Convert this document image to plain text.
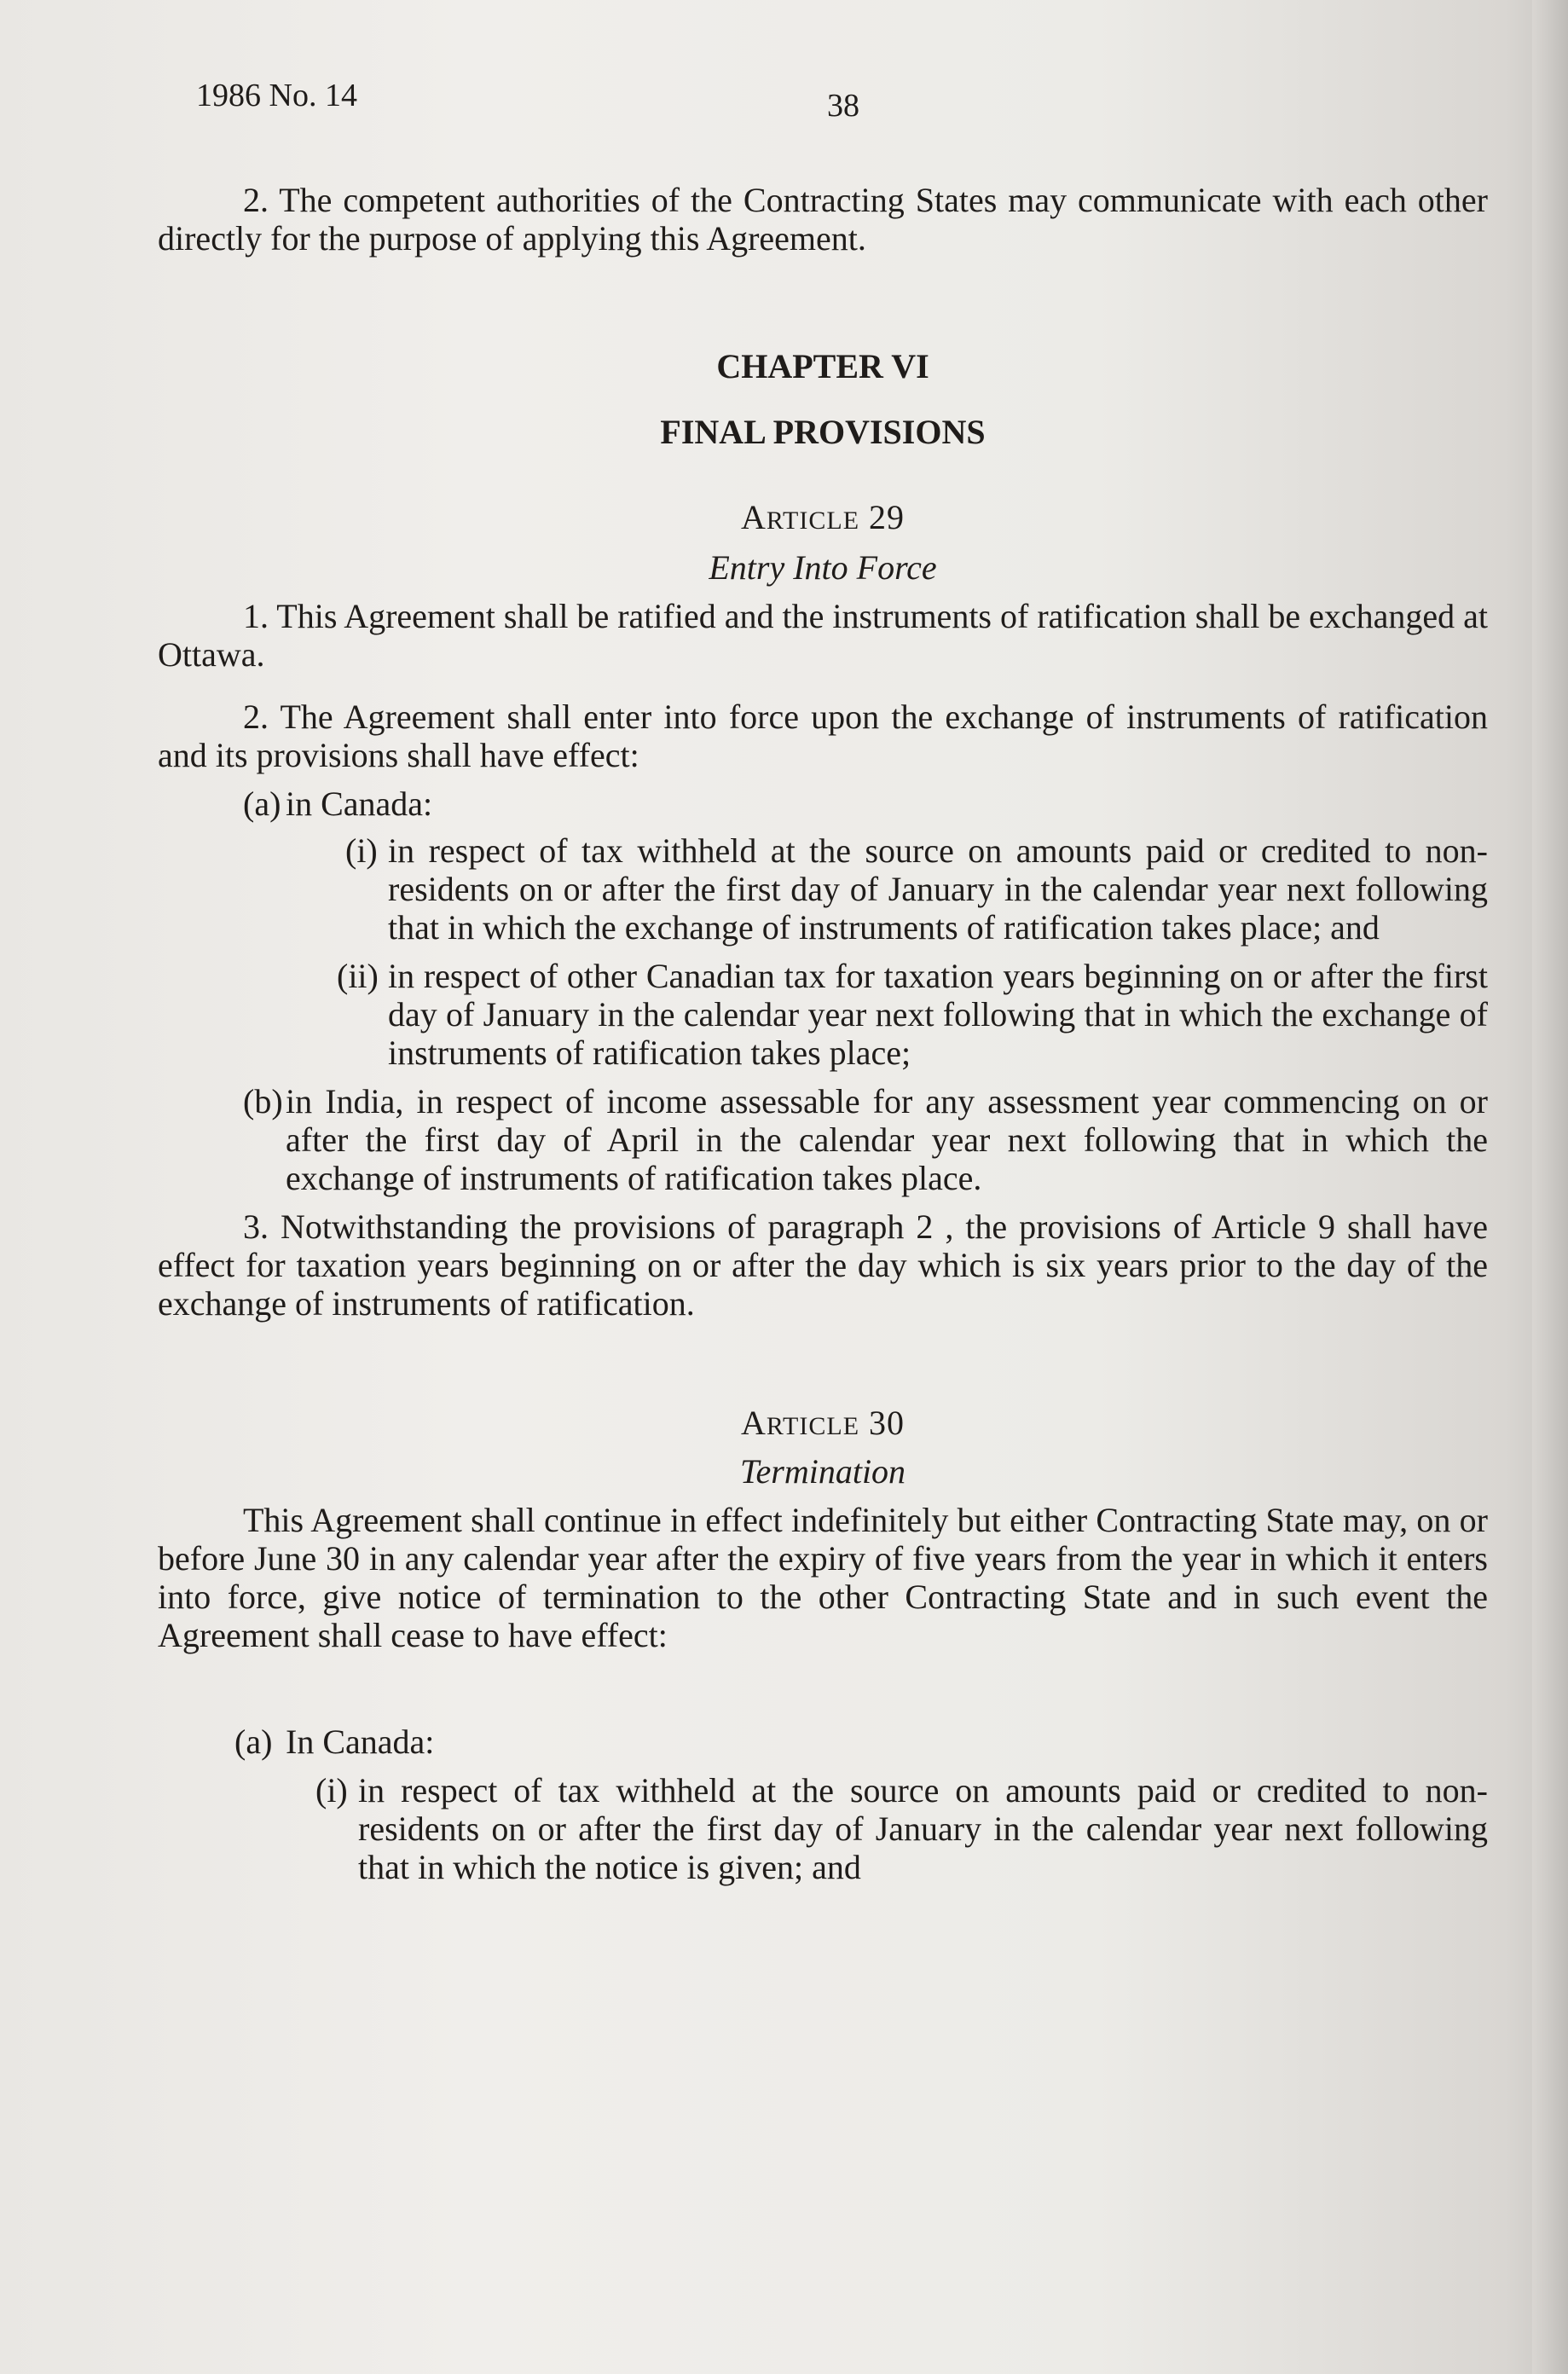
1986 No. 14	38

2. The competent authorities of the Contracting States may communicate with each other directly for the purpose of applying this Agreement.

CHAPTER VI
FINAL PROVISIONS
ARTICLE 29
Entry Into Force

1. This Agreement shall be ratified and the instruments of ratification shall be exchanged at Ottawa.

2. The Agreement shall enter into force upon the exchange of instruments of ratification and its provisions shall have effect:

(a) in Canada:
(i) in respect of tax withheld at the source on amounts paid or credited to non-residents on or after the first day of January in the calendar year next following that in which the exchange of instruments of ratification takes place; and
(ii) in respect of other Canadian tax for taxation years beginning on or after the first day of January in the calendar year next following that in which the exchange of instruments of ratification takes place;
(b) in India, in respect of income assessable for any assessment year commencing on or after the first day of April in the calendar year next following that in which the exchange of instruments of ratification takes place.

3. Notwithstanding the provisions of paragraph 2 , the provisions of Article 9 shall have effect for taxation years beginning on or after the day which is six years prior to the day of the exchange of instruments of ratification.

ARTICLE 30
Termination

This Agreement shall continue in effect indefinitely but either Contracting State may, on or before June 30 in any calendar year after the expiry of five years from the year in which it enters into force, give notice of termination to the other Contracting State and in such event the Agreement shall cease to have effect:

(a) In Canada:
(i) in respect of tax withheld at the source on amounts paid or credited to non-residents on or after the first day of January in the calendar year next following that in which the notice is given; and
